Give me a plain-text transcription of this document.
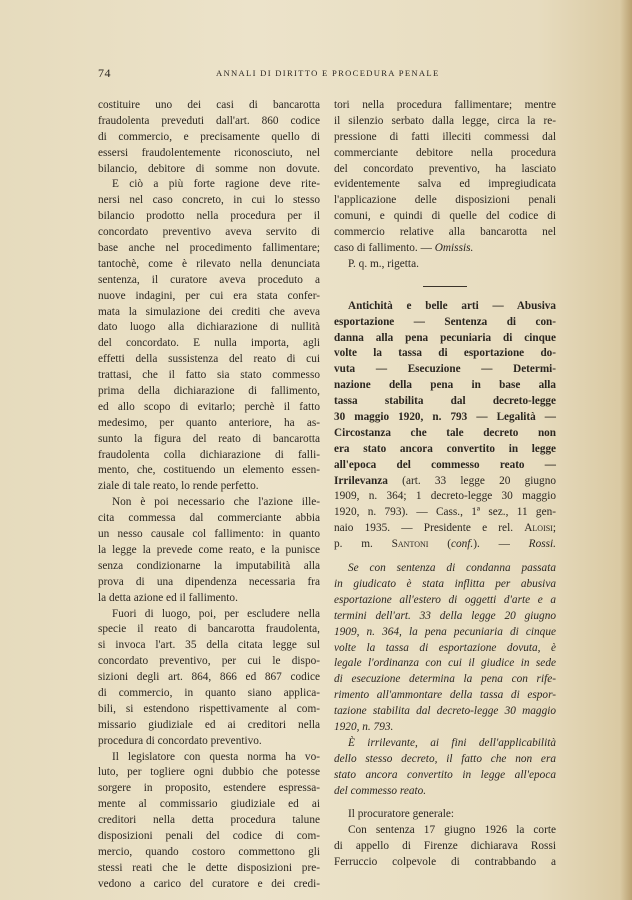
74	ANNALI DI DIRITTO E PROCEDURA PENALE
costituire uno dei casi di bancarotta
fraudolenta preveduti dall'art. 860 codice
di commercio, e precisamente quello di
essersi fraudolentemente riconosciuto, nel
bilancio, debitore di somme non dovute.
E ciò a più forte ragione deve rite-
nersi nel caso concreto, in cui lo stesso
bilancio prodotto nella procedura per il
concordato preventivo aveva servito di
base anche nel procedimento fallimentare;
tantochè, come è rilevato nella denunciata
sentenza, il curatore aveva proceduto a
nuove indagini, per cui era stata confer-
mata la simulazione dei crediti che aveva
dato luogo alla dichiarazione di nullità
del concordato. E nulla importa, agli
effetti della sussistenza del reato di cui
trattasi, che il fatto sia stato commesso
prima della dichiarazione di fallimento,
ed allo scopo di evitarlo; perchè il fatto
medesimo, per quanto anteriore, ha as-
sunto la figura del reato di bancarotta
fraudolenta colla dichiarazione di falli-
mento, che, costituendo un elemento essen-
ziale di tale reato, lo rende perfetto.
Non è poi necessario che l'azione ille-
cita commessa dal commerciante abbia
un nesso causale col fallimento: in quanto
la legge la prevede come reato, e la punisce
senza condizionarne la imputabilità alla
prova di una dipendenza necessaria fra
la detta azione ed il fallimento.
Fuori di luogo, poi, per escludere nella
specie il reato di bancarotta fraudolenta,
si invoca l'art. 35 della citata legge sul
concordato preventivo, per cui le dispo-
sizioni degli art. 864, 866 ed 867 codice
di commercio, in quanto siano applica-
bili, si estendono rispettivamente al com-
missario giudiziale ed ai creditori nella
procedura di concordato preventivo.
Il legislatore con questa norma ha vo-
luto, per togliere ogni dubbio che potesse
sorgere in proposito, estendere espressa-
mente al commissario giudiziale ed ai
creditori nella detta procedura talune
disposizioni penali del codice di com-
mercio, quando costoro commettono gli
stessi reati che le dette disposizioni pre-
vedono a carico del curatore e dei credi-
tori nella procedura fallimentare; mentre
il silenzio serbato dalla legge, circa la re-
pressione di fatti illeciti commessi dal
commerciante debitore nella procedura
del concordato preventivo, ha lasciato
evidentemente salva ed impregiudicata
l'applicazione delle disposizioni penali
comuni, e quindi di quelle del codice di
commercio relative alla bancarotta nel
caso di fallimento. — Omissis.
P. q. m., rigetta.
Antichità e belle arti — Abusiva
esportazione — Sentenza di con-
danna alla pena pecuniaria di cinque
volte la tassa di esportazione do-
vuta — Esecuzione — Determi-
nazione della pena in base alla
tassa stabilita dal decreto-legge
30 maggio 1920, n. 793 — Legalità —
Circostanza che tale decreto non
era stato ancora convertito in legge
all'epoca del commesso reato —
Irrilevanza (art. 33 legge 20 giugno
1909, n. 364; 1 decreto-legge 30 maggio
1920, n. 793). — Cass., 1ª sez., 11 gen-
naio 1935. — Presidente e rel. Aloisi;
p. m. Santoni (conf.). — Rossi.
Se con sentenza di condanna passata
in giudicato è stata inflitta per abusiva
esportazione all'estero di oggetti d'arte e a
termini dell'art. 33 della legge 20 giugno
1909, n. 364, la pena pecuniaria di cinque
volte la tassa di esportazione dovuta, è
legale l'ordinanza con cui il giudice in sede
di esecuzione determina la pena con rife-
rimento all'ammontare della tassa di espor-
tazione stabilita dal decreto-legge 30 maggio
1920, n. 793.
È irrilevante, ai fini dell'applicabilità
dello stesso decreto, il fatto che non era
stato ancora convertito in legge all'epoca
del commesso reato.
Il procuratore generale:
Con sentenza 17 giugno 1926 la corte
di appello di Firenze dichiarava Rossi
Ferruccio colpevole di contrabbando a
